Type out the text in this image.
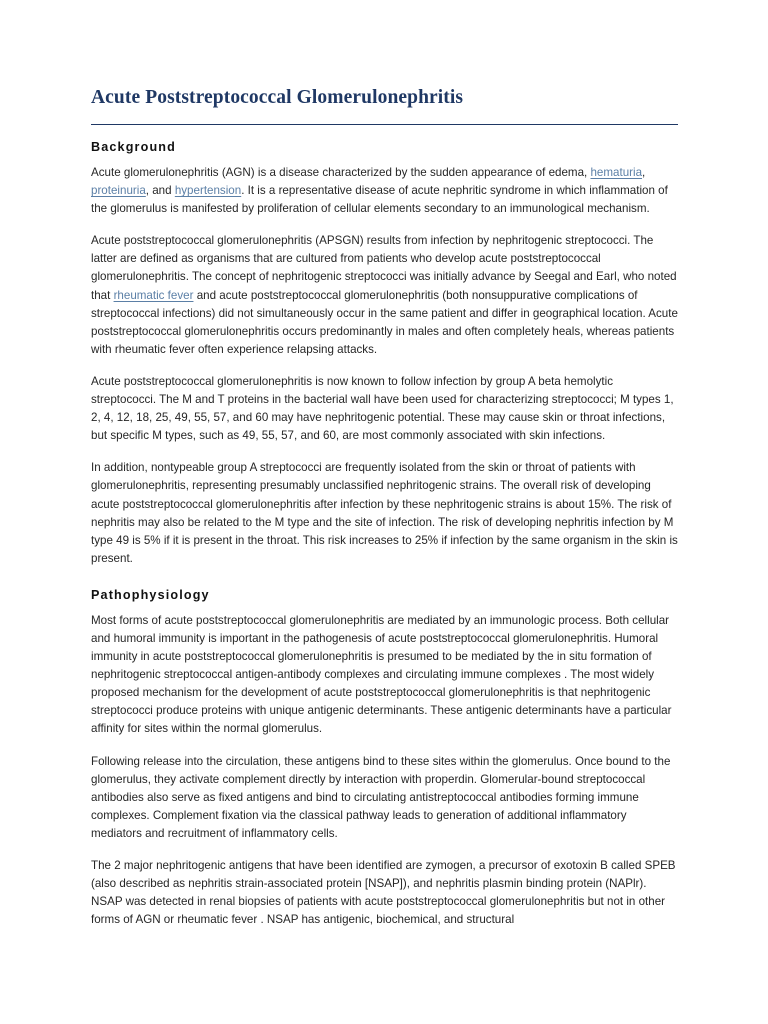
Acute Poststreptococcal Glomerulonephritis
Background

Acute glomerulonephritis (AGN) is a disease characterized by the sudden appearance of edema, hematuria, proteinuria, and hypertension. It is a representative disease of acute nephritic syndrome in which inflammation of the glomerulus is manifested by proliferation of cellular elements secondary to an immunological mechanism.

Acute poststreptococcal glomerulonephritis (APSGN) results from infection by nephritogenic streptococci. The latter are defined as organisms that are cultured from patients who develop acute poststreptococcal glomerulonephritis. The concept of nephritogenic streptococci was initially advance by Seegal and Earl, who noted that rheumatic fever and acute poststreptococcal glomerulonephritis (both nonsuppurative complications of streptococcal infections) did not simultaneously occur in the same patient and differ in geographical location. Acute poststreptococcal glomerulonephritis occurs predominantly in males and often completely heals, whereas patients with rheumatic fever often experience relapsing attacks.

Acute poststreptococcal glomerulonephritis is now known to follow infection by group A beta hemolytic streptococci. The M and T proteins in the bacterial wall have been used for characterizing streptococci; M types 1, 2, 4, 12, 18, 25, 49, 55, 57, and 60 may have nephritogenic potential. These may cause skin or throat infections, but specific M types, such as 49, 55, 57, and 60, are most commonly associated with skin infections.

In addition, nontypeable group A streptococci are frequently isolated from the skin or throat of patients with glomerulonephritis, representing presumably unclassified nephritogenic strains. The overall risk of developing acute poststreptococcal glomerulonephritis after infection by these nephritogenic strains is about 15%. The risk of nephritis may also be related to the M type and the site of infection. The risk of developing nephritis infection by M type 49 is 5% if it is present in the throat. This risk increases to 25% if infection by the same organism in the skin is present.

Pathophysiology

Most forms of acute poststreptococcal glomerulonephritis are mediated by an immunologic process. Both cellular and humoral immunity is important in the pathogenesis of acute poststreptococcal glomerulonephritis. Humoral immunity in acute poststreptococcal glomerulonephritis is presumed to be mediated by the in situ formation of nephritogenic streptococcal antigen-antibody complexes and circulating immune complexes . The most widely proposed mechanism for the development of acute poststreptococcal glomerulonephritis is that nephritogenic streptococci produce proteins with unique antigenic determinants. These antigenic determinants have a particular affinity for sites within the normal glomerulus.

Following release into the circulation, these antigens bind to these sites within the glomerulus. Once bound to the glomerulus, they activate complement directly by interaction with properdin. Glomerular-bound streptococcal antibodies also serve as fixed antigens and bind to circulating antistreptococcal antibodies forming immune complexes. Complement fixation via the classical pathway leads to generation of additional inflammatory mediators and recruitment of inflammatory cells.

The 2 major nephritogenic antigens that have been identified are zymogen, a precursor of exotoxin B called SPEB (also described as nephritis strain-associated protein [NSAP]), and nephritis plasmin binding protein (NAPlr). NSAP was detected in renal biopsies of patients with acute poststreptococcal glomerulonephritis but not in other forms of AGN or rheumatic fever . NSAP has antigenic, biochemical, and structural
